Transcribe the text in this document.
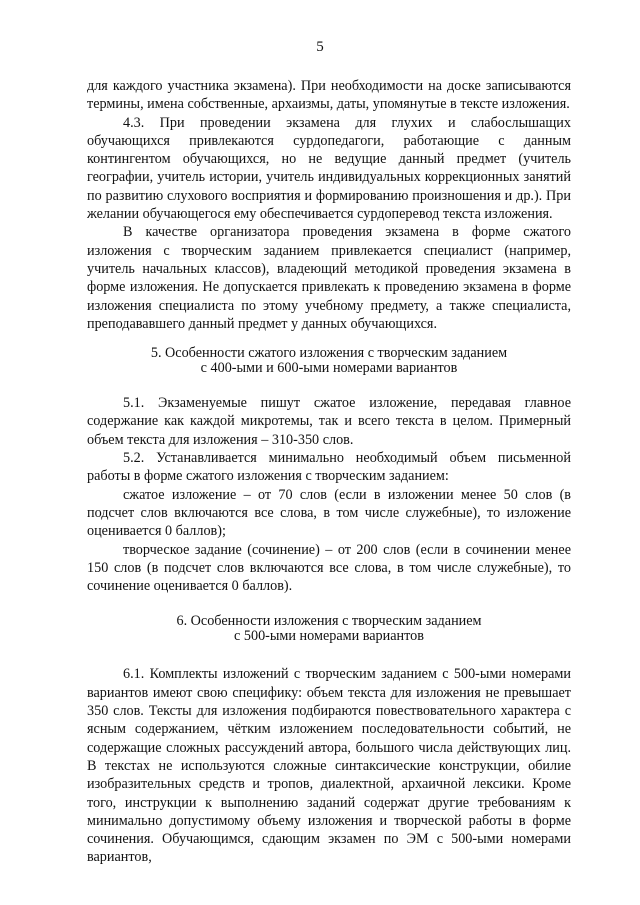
5

для каждого участника экзамена). При необходимости на доске записываются термины, имена собственные, архаизмы, даты, упомянутые в тексте изложения.

4.3. При проведении экзамена для глухих и слабослышащих обучающихся привлекаются сурдопедагоги, работающие с данным контингентом обучающихся, но не ведущие данный предмет (учитель географии, учитель истории, учитель индивидуальных коррекционных занятий по развитию слухового восприятия и формированию произношения и др.). При желании обучающегося ему обеспечивается сурдоперевод текста изложения.

В качестве организатора проведения экзамена в форме сжатого изложения с творческим заданием привлекается специалист (например, учитель начальных классов), владеющий методикой проведения экзамена в форме изложения. Не допускается привлекать к проведению экзамена в форме изложения специалиста по этому учебному предмету, а также специалиста, преподававшего данный предмет у данных обучающихся.

5. Особенности сжатого изложения с творческим заданием
с 400-ыми и 600-ыми номерами вариантов

5.1. Экзаменуемые пишут сжатое изложение, передавая главное содержание как каждой микротемы, так и всего текста в целом. Примерный объем текста для изложения – 310-350 слов.

5.2. Устанавливается минимально необходимый объем письменной работы в форме сжатого изложения с творческим заданием:

сжатое изложение – от 70 слов (если в изложении менее 50 слов (в подсчет слов включаются все слова, в том числе служебные), то изложение оценивается 0 баллов);

творческое задание (сочинение) – от 200 слов (если в сочинении менее 150 слов (в подсчет слов включаются все слова, в том числе служебные), то сочинение оценивается 0 баллов).

6. Особенности изложения с творческим заданием
с 500-ыми номерами вариантов

6.1. Комплекты изложений с творческим заданием с 500-ыми номерами вариантов имеют свою специфику: объем текста для изложения не превышает 350 слов. Тексты для изложения подбираются повествовательного характера с ясным содержанием, чётким изложением последовательности событий, не содержащие сложных рассуждений автора, большого числа действующих лиц. В текстах не используются сложные синтаксические конструкции, обилие изобразительных средств и тропов, диалектной, архаичной лексики. Кроме того, инструкции к выполнению заданий содержат другие требованиям к минимально допустимому объему изложения и творческой работы в форме сочинения. Обучающимся, сдающим экзамен по ЭМ с 500-ыми номерами вариантов,
